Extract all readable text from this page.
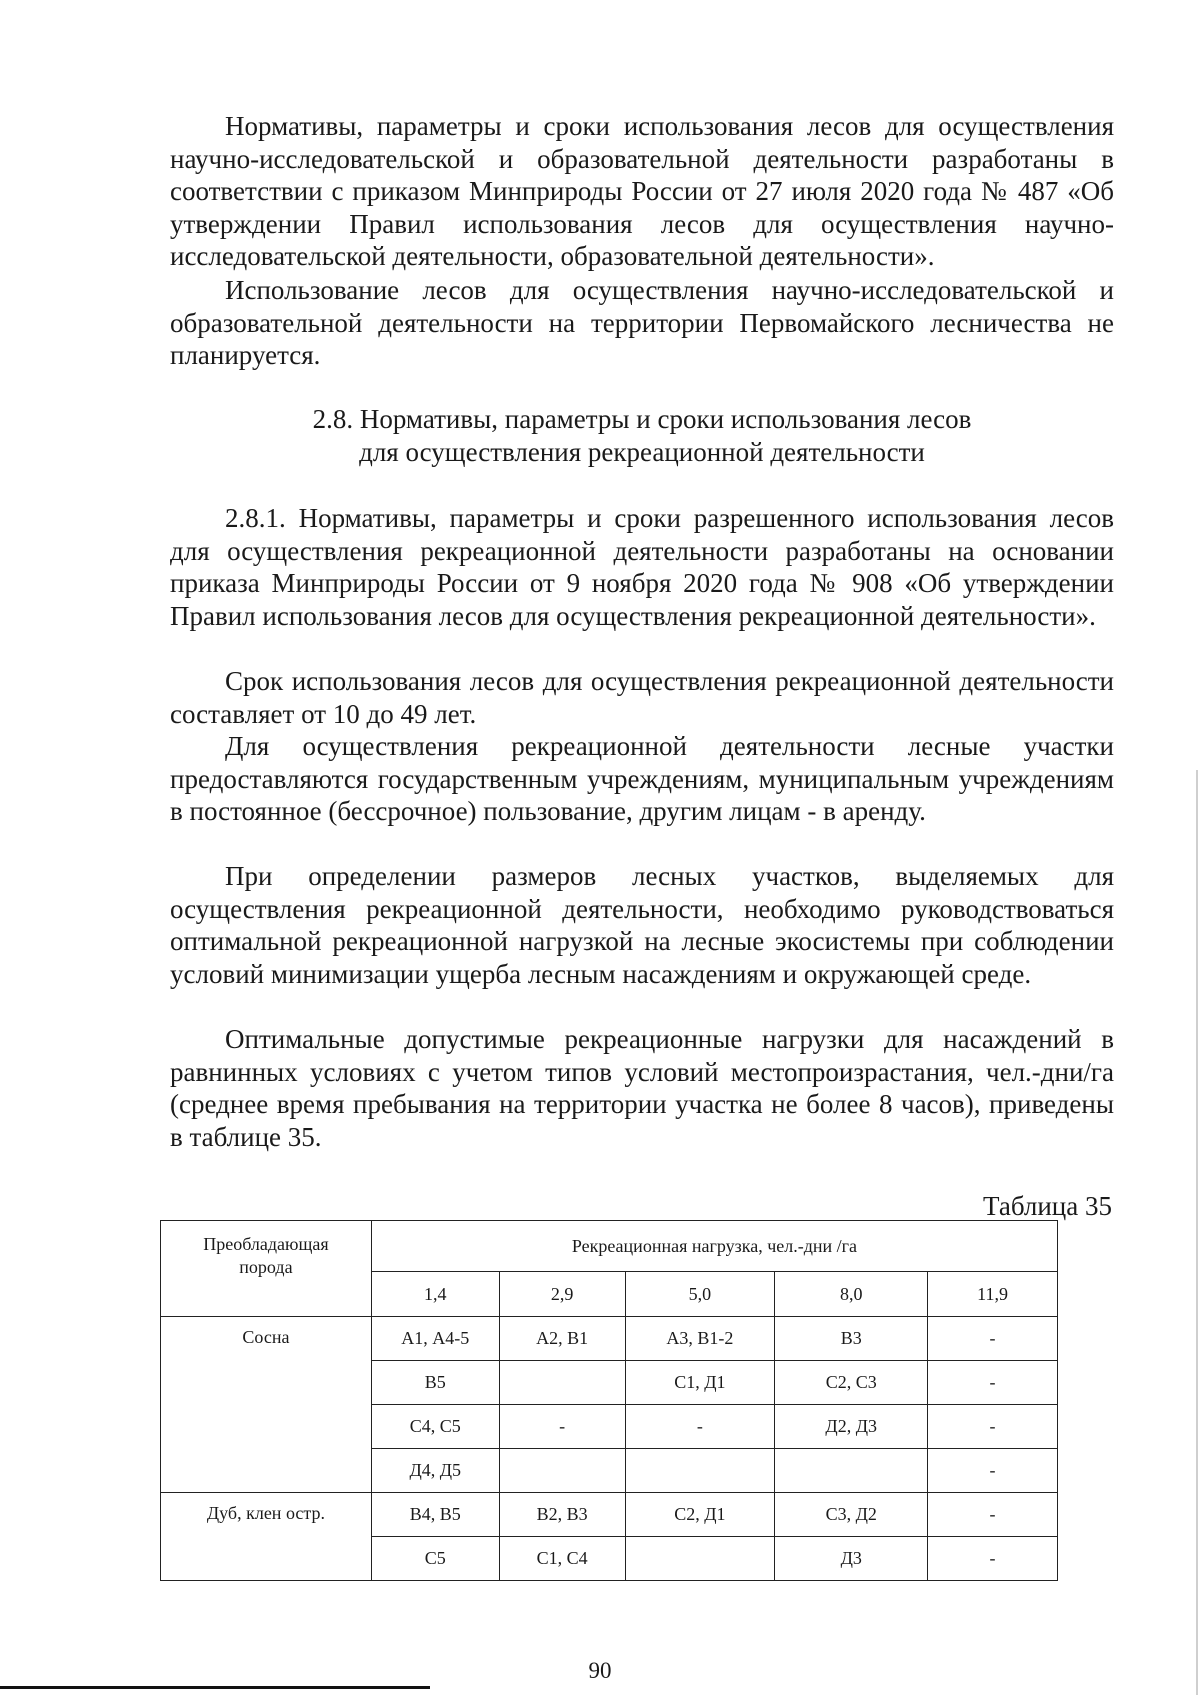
Нормативы, параметры и сроки использования лесов для осуществления научно-исследовательской и образовательной деятельности разработаны в соответствии с приказом Минприроды России от 27 июля 2020 года № 487 «Об утверждении Правил использования лесов для осуществления научно-исследовательской деятельности, образовательной деятельности».

Использование лесов для осуществления научно-исследовательской и образовательной деятельности на территории Первомайского лесничества не планируется.

2.8. Нормативы, параметры и сроки использования лесов
для осуществления рекреационной деятельности

2.8.1. Нормативы, параметры и сроки разрешенного использования лесов для осуществления рекреационной деятельности разработаны на основании приказа Минприроды России от 9 ноября 2020 года № 908 «Об утверждении Правил использования лесов для осуществления рекреационной деятельности».

Срок использования лесов для осуществления рекреационной деятельности составляет от 10 до 49 лет.

Для осуществления рекреационной деятельности лесные участки предоставляются государственным учреждениям, муниципальным учреждениям в постоянное (бессрочное) пользование, другим лицам - в аренду.

При определении размеров лесных участков, выделяемых для осуществления рекреационной деятельности, необходимо руководствоваться оптимальной рекреационной нагрузкой на лесные экосистемы при соблюдении условий минимизации ущерба лесным насаждениям и окружающей среде.

Оптимальные допустимые рекреационные нагрузки для насаждений в равнинных условиях с учетом типов условий местопроизрастания, чел.-дни/га (среднее время пребывания на территории участка не более 8 часов), приведены в таблице 35.

Таблица 35
Преобладающая
порода	Рекреационная нагрузка, чел.-дни /га				
	1,4	2,9	5,0	8,0	11,9
Сосна	А1, А4-5	А2, В1	А3, В1-2	В3	-
	В5		С1, Д1	С2, С3	-
	С4, С5	-	-	Д2, Д3	-
	Д4, Д5				-
Дуб, клен остр.	В4, В5	В2, В3	С2, Д1	С3, Д2	-
	С5	С1, С4		Д3	-
90
